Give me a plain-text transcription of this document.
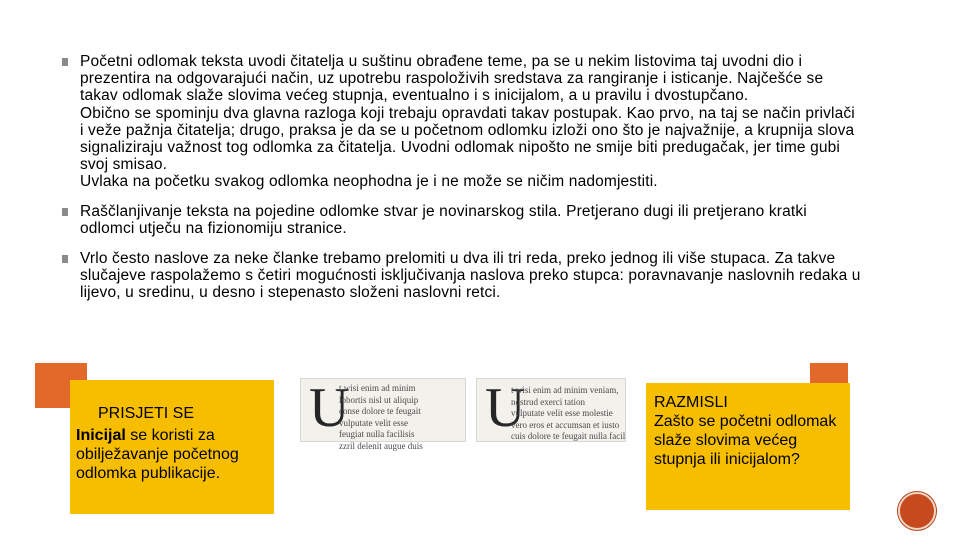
Početni odlomak teksta uvodi čitatelja u suštinu obrađene teme, pa se u nekim listovima taj uvodni dio i prezentira na odgovarajući način, uz upotrebu raspoloživih sredstava za rangiranje i isticanje. Najčešće se takav odlomak slaže slovima većeg stupnja, eventualno i s inicijalom, a u pravilu i dvostupčano.

Obično se spominju dva glavna razloga koji trebaju opravdati takav postupak. Kao prvo, na taj se način privlači i veže pažnja čitatelja; drugo, praksa je da se u početnom odlomku izloži ono što je najvažnije, a krupnija slova signaliziraju važnost tog odlomka za čitatelja. Uvodni odlomak nipošto ne smije biti predugačak, jer time gubi svoj smisao.

Uvlaka na početku svakog odlomka neophodna je i ne može se ničim nadomjestiti.

Raščlanjivanje teksta na pojedine odlomke stvar je novinarskog stila. Pretjerano dugi ili pretjerano kratki odlomci utječu na fizionomiju stranice.

Vrlo često naslove za neke članke trebamo prelomiti u dva ili tri reda, preko jednog ili više stupaca. Za takve slučajeve raspolažemo s četiri mogućnosti isključivanja naslova preko stupca: poravnavanje naslovnih redaka u lijevo, u sredinu, u desno i stepenasto složeni naslovni retci.

PRISJETI SE
Inicijal se koristi za obilježavanje početnog odlomka publikacije.
U
t wisi enim ad minim
lobortis nisl ut aliquip
conse dolore te feugait
vulputate velit esse
feugiat nulla facilisis
zzril delenit augue duis
U
t wisi enim ad minim veniam,
nostrud exerci tation
vulputate velit esse molestie
vero eros et accumsan et iusto
cuis dolore te feugait nulla facil
RAZMISLI
Zašto se početni odlomak slaže slovima većeg stupnja ili inicijalom?
